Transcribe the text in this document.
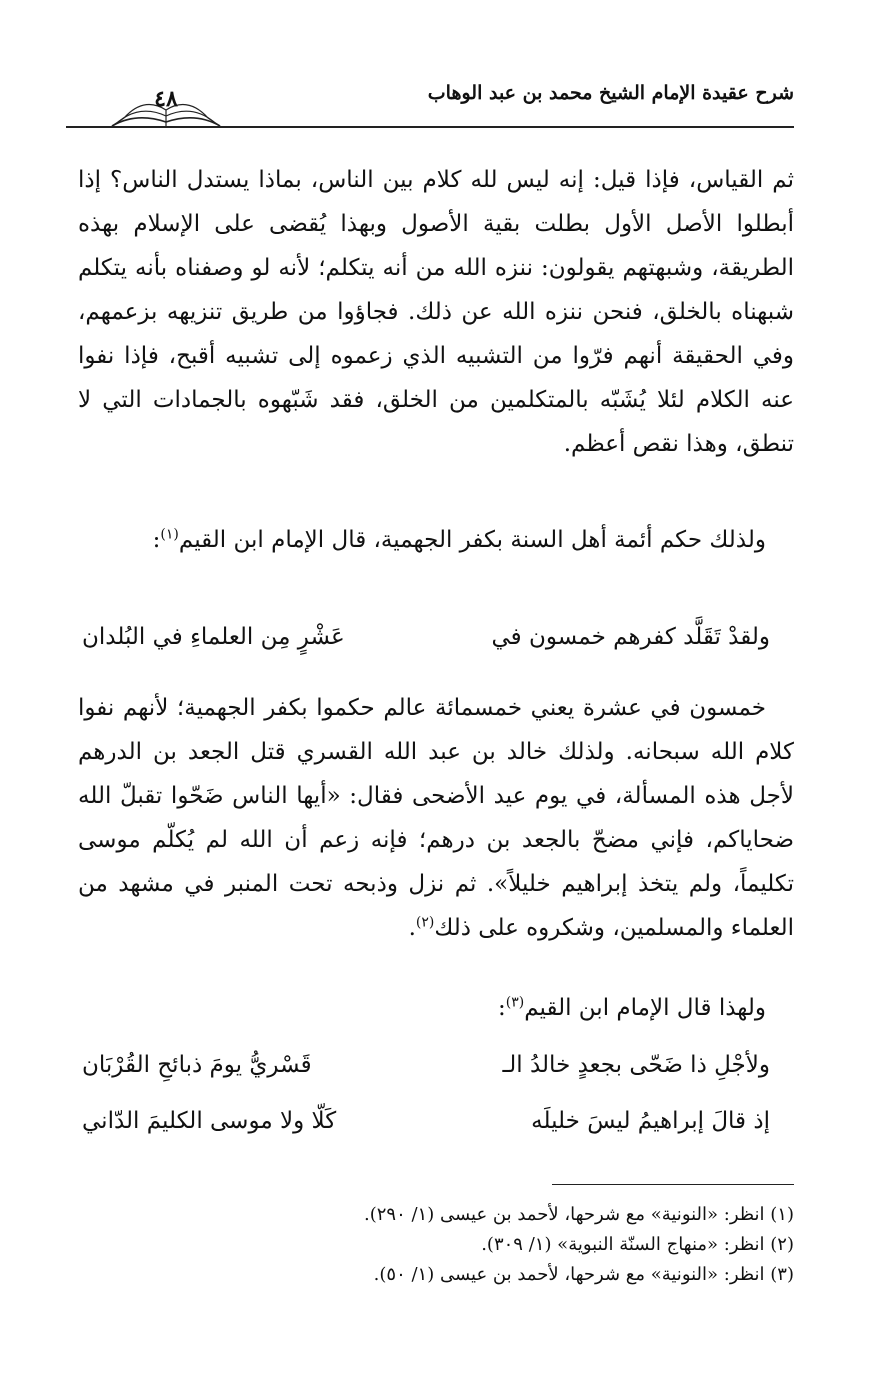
شرح عقيدة الإمام الشيخ محمد بن عبد الوهاب
٤٨

ثم القياس، فإذا قيل: إنه ليس لله كلام بين الناس، بماذا يستدل الناس؟ إذا أبطلوا الأصل الأول بطلت بقية الأصول وبهذا يُقضى على الإسلام بهذه الطريقة، وشبهتهم يقولون: ننزه الله من أنه يتكلم؛ لأنه لو وصفناه بأنه يتكلم شبهناه بالخلق، فنحن ننزه الله عن ذلك. فجاؤوا من طريق تنزيهه بزعمهم، وفي الحقيقة أنهم فرّوا من التشبيه الذي زعموه إلى تشبيه أقبح، فإذا نفوا عنه الكلام لئلا يُشَبّه بالمتكلمين من الخلق، فقد شَبّهوه بالجمادات التي لا تنطق، وهذا نقص أعظم.

ولذلك حكم أئمة أهل السنة بكفر الجهمية، قال الإمام ابن القيم$^{(١)}$:

ولقدْ تَقَلَّد كفرهم خمسون في
عَشْرٍ مِن العلماءِ في البُلدان

خمسون في عشرة يعني خمسمائة عالم حكموا بكفر الجهمية؛ لأنهم نفوا كلام الله سبحانه. ولذلك خالد بن عبد الله القسري قتل الجعد بن الدرهم لأجل هذه المسألة، في يوم عيد الأضحى فقال: «أيها الناس ضَحّوا تقبلّ الله ضحاياكم، فإني مضحّ بالجعد بن درهم؛ فإنه زعم أن الله لم يُكلّم موسى تكليماً، ولم يتخذ إبراهيم خليلاً». ثم نزل وذبحه تحت المنبر في مشهد من العلماء والمسلمين، وشكروه على ذلك$^{(٢)}$.

ولهذا قال الإمام ابن القيم$^{(٣)}$:

ولأجْلِ ذا ضَحّى بجعدٍ خالدُ الـ
قَسْريُّ يومَ ذبائحِ القُرْبَان
إذ قالَ إبراهيمُ ليسَ خليلَه
كَلّا ولا موسى الكليمَ الدّاني
(١) انظر: «النونية» مع شرحها، لأحمد بن عيسى (١/ ٢٩٠).
(٢) انظر: «منهاج السنّة النبوية» (١/ ٣٠٩).
(٣) انظر: «النونية» مع شرحها، لأحمد بن عيسى (١/ ٥٠).
